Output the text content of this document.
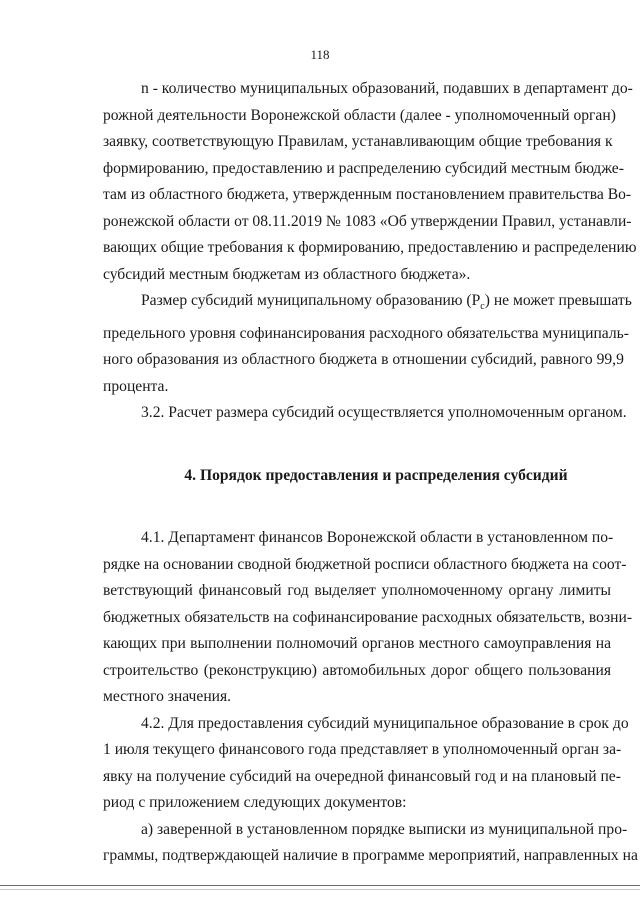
118
n - количество муниципальных образований, подавших в департамент до-
рожной деятельности Воронежской области (далее - уполномоченный орган)
заявку, соответствующую Правилам, устанавливающим общие требования к
формированию, предоставлению и распределению субсидий местным бюдже-
там из областного бюджета, утвержденным постановлением правительства Во-
ронежской области от 08.11.2019 № 1083 «Об утверждении Правил, устанавли-
вающих общие требования к формированию, предоставлению и распределению
субсидий местным бюджетам из областного бюджета».
Размер субсидий муниципальному образованию $(Р_с)$ не может превышать
предельного уровня софинансирования расходного обязательства муниципаль-
ного образования из областного бюджета в отношении субсидий, равного 99,9
процента.
3.2. Расчет размера субсидий осуществляется уполномоченным органом.
4. Порядок предоставления и распределения субсидий
4.1. Департамент финансов Воронежской области в установленном по-
рядке на основании сводной бюджетной росписи областного бюджета на соот-
ветствующий финансовый год выделяет уполномоченному органу лимиты
бюджетных обязательств на софинансирование расходных обязательств, возни-
кающих при выполнении полномочий органов местного самоуправления на
строительство (реконструкцию) автомобильных дорог общего пользования
местного значения.
4.2. Для предоставления субсидий муниципальное образование в срок до
1 июля текущего финансового года представляет в уполномоченный орган за-
явку на получение субсидий на очередной финансовый год и на плановый пе-
риод с приложением следующих документов:
а) заверенной в установленном порядке выписки из муниципальной про-
граммы, подтверждающей наличие в программе мероприятий, направленных на
